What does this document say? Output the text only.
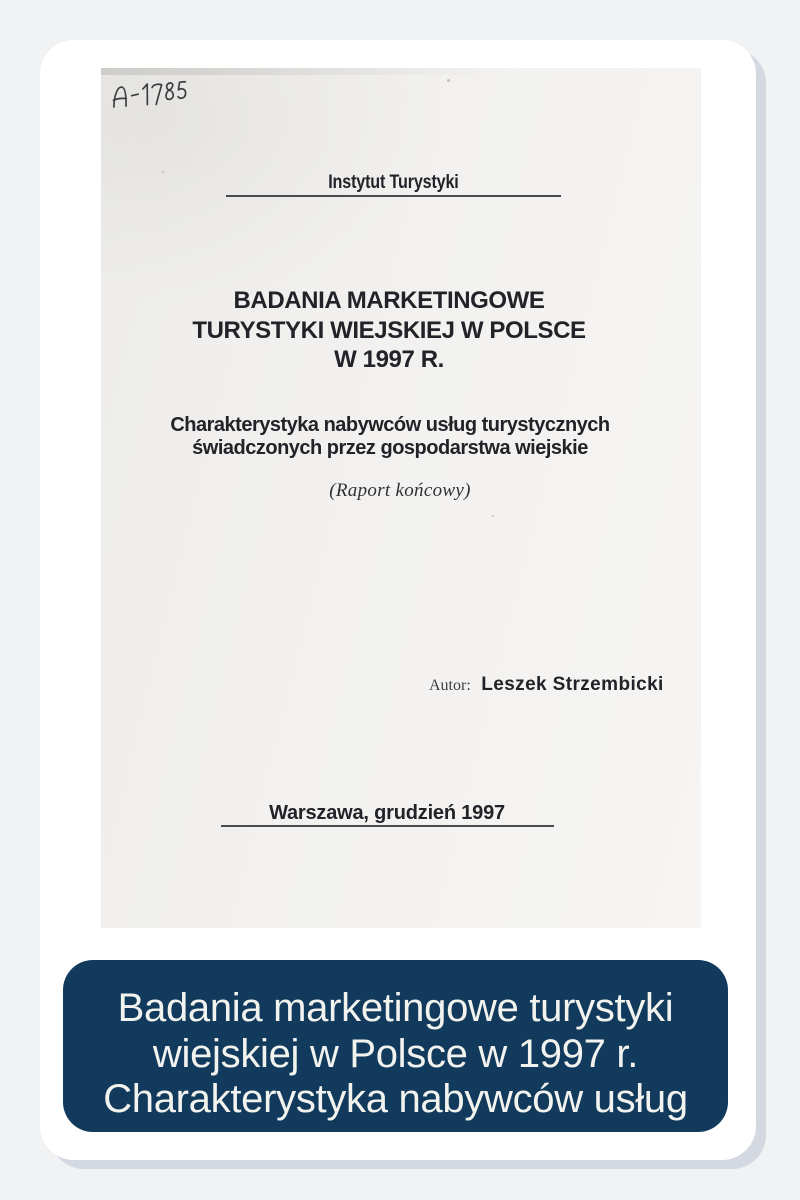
Instytut Turystyki
BADANIA MARKETINGOWE
TURYSTYKI WIEJSKIEJ W POLSCE
W 1997 R.
Charakterystyka nabywców usług turystycznych
świadczonych przez gospodarstwa wiejskie
(Raport końcowy)
Autor: Leszek Strzembicki
Warszawa, grudzień 1997
Badania marketingowe turystyki
wiejskiej w Polsce w 1997 r.
Charakterystyka nabywców usług
